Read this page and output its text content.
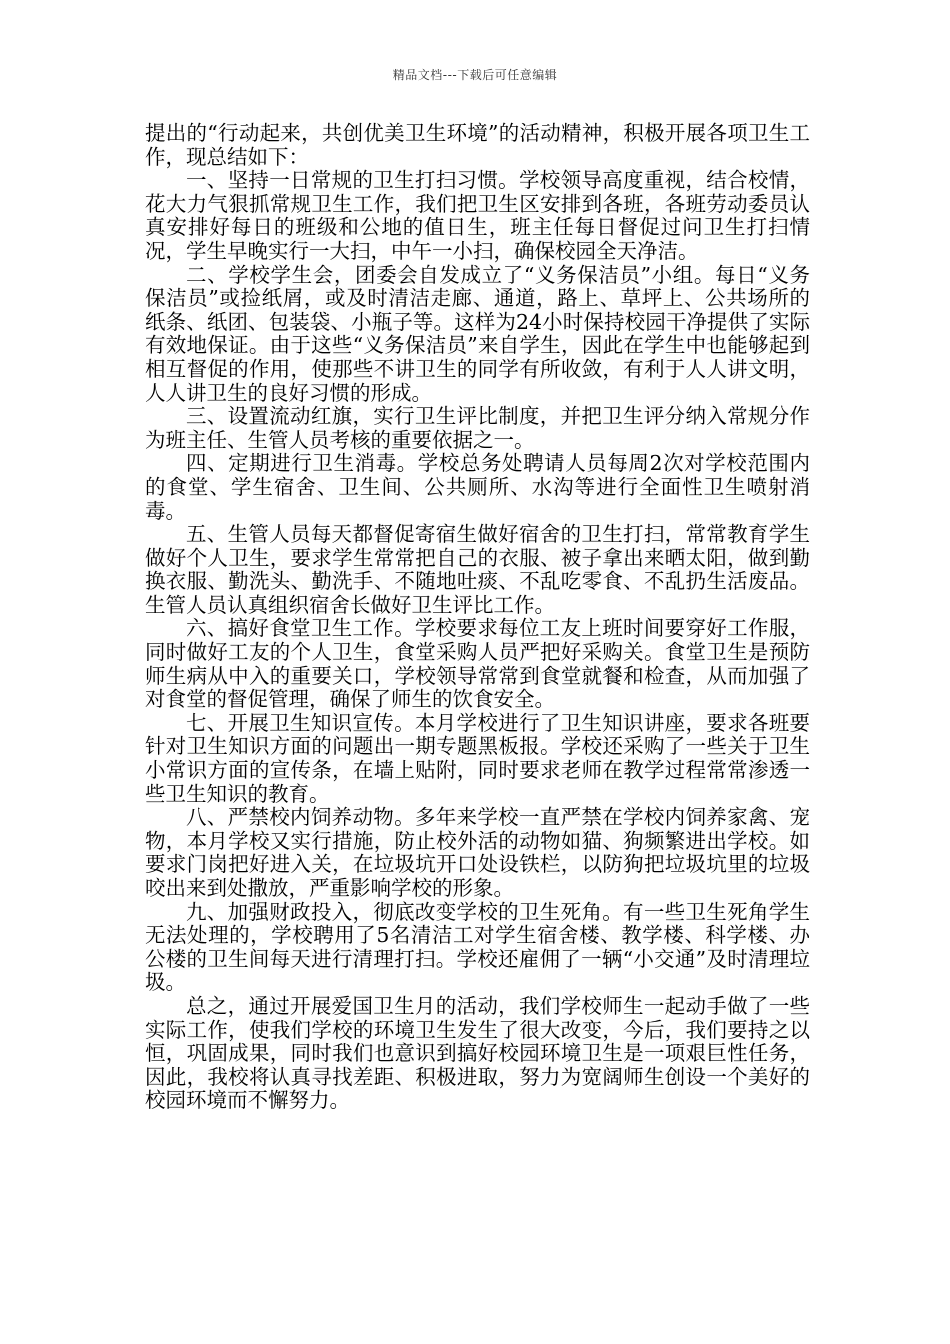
精品文档---下载后可任意编辑

提出的“行动起来，共创优美卫生环境”的活动精神，积极开展各项卫生工作，现总结如下：

一、坚持一日常规的卫生打扫习惯。学校领导高度重视，结合校情，花大力气狠抓常规卫生工作，我们把卫生区安排到各班，各班劳动委员认真安排好每日的班级和公地的值日生，班主任每日督促过问卫生打扫情况，学生早晚实行一大扫，中午一小扫，确保校园全天净洁。

二、学校学生会，团委会自发成立了“义务保洁员”小组。每日“义务保洁员”或捡纸屑，或及时清洁走廊、通道，路上、草坪上、公共场所的纸条、纸团、包装袋、小瓶子等。这样为24小时保持校园干净提供了实际有效地保证。由于这些“义务保洁员”来自学生，因此在学生中也能够起到相互督促的作用，使那些不讲卫生的同学有所收敛，有利于人人讲文明，人人讲卫生的良好习惯的形成。

三、设置流动红旗，实行卫生评比制度，并把卫生评分纳入常规分作为班主任、生管人员考核的重要依据之一。

四、定期进行卫生消毒。学校总务处聘请人员每周2次对学校范围内的食堂、学生宿舍、卫生间、公共厕所、水沟等进行全面性卫生喷射消毒。

五、生管人员每天都督促寄宿生做好宿舍的卫生打扫，常常教育学生做好个人卫生，要求学生常常把自己的衣服、被子拿出来晒太阳，做到勤换衣服、勤洗头、勤洗手、不随地吐痰、不乱吃零食、不乱扔生活废品。生管人员认真组织宿舍长做好卫生评比工作。

六、搞好食堂卫生工作。学校要求每位工友上班时间要穿好工作服，同时做好工友的个人卫生，食堂采购人员严把好采购关。食堂卫生是预防师生病从中入的重要关口，学校领导常常到食堂就餐和检查，从而加强了对食堂的督促管理，确保了师生的饮食安全。

七、开展卫生知识宣传。本月学校进行了卫生知识讲座，要求各班要针对卫生知识方面的问题出一期专题黑板报。学校还采购了一些关于卫生小常识方面的宣传条，在墙上贴附，同时要求老师在教学过程常常渗透一些卫生知识的教育。

八、严禁校内饲养动物。多年来学校一直严禁在学校内饲养家禽、宠物，本月学校又实行措施，防止校外活的动物如猫、狗频繁进出学校。如要求门岗把好进入关，在垃圾坑开口处设铁栏，以防狗把垃圾坑里的垃圾咬出来到处撒放，严重影响学校的形象。

九、加强财政投入，彻底改变学校的卫生死角。有一些卫生死角学生无法处理的，学校聘用了5名清洁工对学生宿舍楼、教学楼、科学楼、办公楼的卫生间每天进行清理打扫。学校还雇佣了一辆“小交通”及时清理垃圾。

总之，通过开展爱国卫生月的活动，我们学校师生一起动手做了一些实际工作，使我们学校的环境卫生发生了很大改变，今后，我们要持之以恒，巩固成果，同时我们也意识到搞好校园环境卫生是一项艰巨性任务，因此，我校将认真寻找差距、积极进取，努力为宽阔师生创设一个美好的校园环境而不懈努力。
